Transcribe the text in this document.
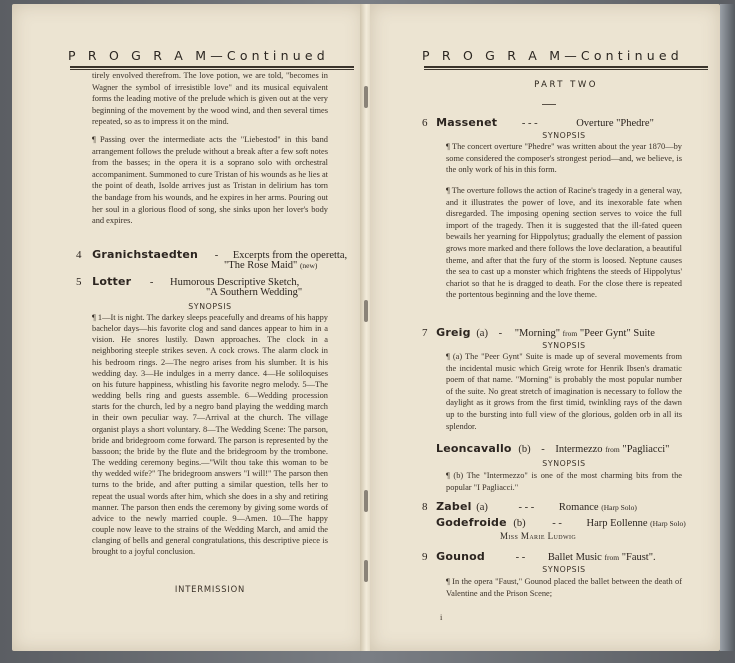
P R O G R A M—Continued
tirely envolved therefrom. The love potion, we are told, "becomes in Wagner the symbol of irresistible love" and its musical equivalent forms the leading motive of the prelude which is given out at the very beginning of the movement by the wood wind, and then several times repeated, so as to impress it on the mind.
¶ Passing over the intermediate acts the "Liebestod" in this band arrangement follows the prelude without a break after a few soft notes from the basses; in the opera it is a soprano solo with orchestral accompaniment. Summoned to cure Tristan of his wounds as he lies at the point of death, Isolde arrives just as Tristan in delirium has torn the bandage from his wounds, and he expires in her arms. Pouring out her soul in a glorious flood of song, she sinks upon her lover's body and expires.
4 Granichstaedten - Excerpts from the operetta,
"The Rose Maid" (new)
5 Lotter - Humorous Descriptive Sketch,
"A Southern Wedding"
SYNOPSIS
¶ 1—It is night. The darkey sleeps peacefully and dreams of his happy bachelor days—his favorite clog and sand dances appear to him in a vision. He snores lustily. Dawn approaches. The clock in a neighboring steeple strikes seven. A cock crows. The alarm clock in his bedroom rings. 2—The negro arises from his slumber. It is his wedding day. 3—He indulges in a merry dance. 4—He soliloquises on his future happiness, whistling his favorite negro melody. 5—The wedding bells ring and guests assemble. 6—Wedding procession starts for the church, led by a negro band playing the wedding march in their own peculiar way. 7—Arrival at the church. The village organist plays a short voluntary. 8—The Wedding Scene: The parson, bride and bridegroom come forward. The parson is represented by the bassoon; the bride by the flute and the bridegroom by the trombone. The wedding ceremony begins.—"Wilt thou take this woman to be thy wedded wife?" The bridegroom answers "I will!" The parson then turns to the bride, and after putting a similar question, tells her to repeat the usual words after him, which she does in a shy and retiring manner. The parson then ends the ceremony by giving some words of advice to the newly married couple. 9—Amen. 10—The happy couple now leave to the strains of the Wedding March, and amid the clanging of bells and general congratulations, this descriptive piece is brought to a joyful conclusion.
INTERMISSION
P R O G R A M—Continued
PART TWO
6 Massenet - - -	Overture "Phedre"
SYNOPSIS
¶ The concert overture "Phedre" was written about the year 1870—by some considered the composer's strongest period—and, we believe, is the only work of his in this form.
¶ The overture follows the action of Racine's tragedy in a general way, and it illustrates the power of love, and its inexorable fate when disregarded. The imposing opening section serves to voice the full import of the tragedy. Then it is suggested that the ill-fated queen bewails her yearning for Hippolytus; gradually the element of passion grows more marked and there follows the love declaration, a beautiful theme, and after that the fury of the storm is loosed. Neptune causes the sea to cast up a monster which frightens the steeds of Hippolytus' chariot so that he is dragged to death. For the close there is repeated the portentous beginning and the love theme.
7 Greig (a) - "Morning" from "Peer Gynt" Suite
SYNOPSIS
¶ (a) The "Peer Gynt" Suite is made up of several movements from the incidental music which Greig wrote for Henrik Ibsen's dramatic poem of that name. "Morning" is probably the most popular number of the suite. No great stretch of imagination is necessary to follow the daylight as it grows from the first timid, twinkling rays of the dawn up to the bursting into full view of the glorious, golden orb in all its splendor.
Leoncavallo (b) - Intermezzo from "Pagliacci"
SYNOPSIS
¶ (b) The "Intermezzo" is one of the most charming bits from the popular "I Pagliacci."
8 Zabel (a)	- - - Romance (Harp Solo)
Godefroide (b)	- - Harp Eollenne (Harp Solo)
Miss Marie Ludwig
9 Gounod	- - Ballet Music from "Faust".
SYNOPSIS
¶ In the opera "Faust," Gounod placed the ballet between the death of Valentine and the Prison Scene;
i
